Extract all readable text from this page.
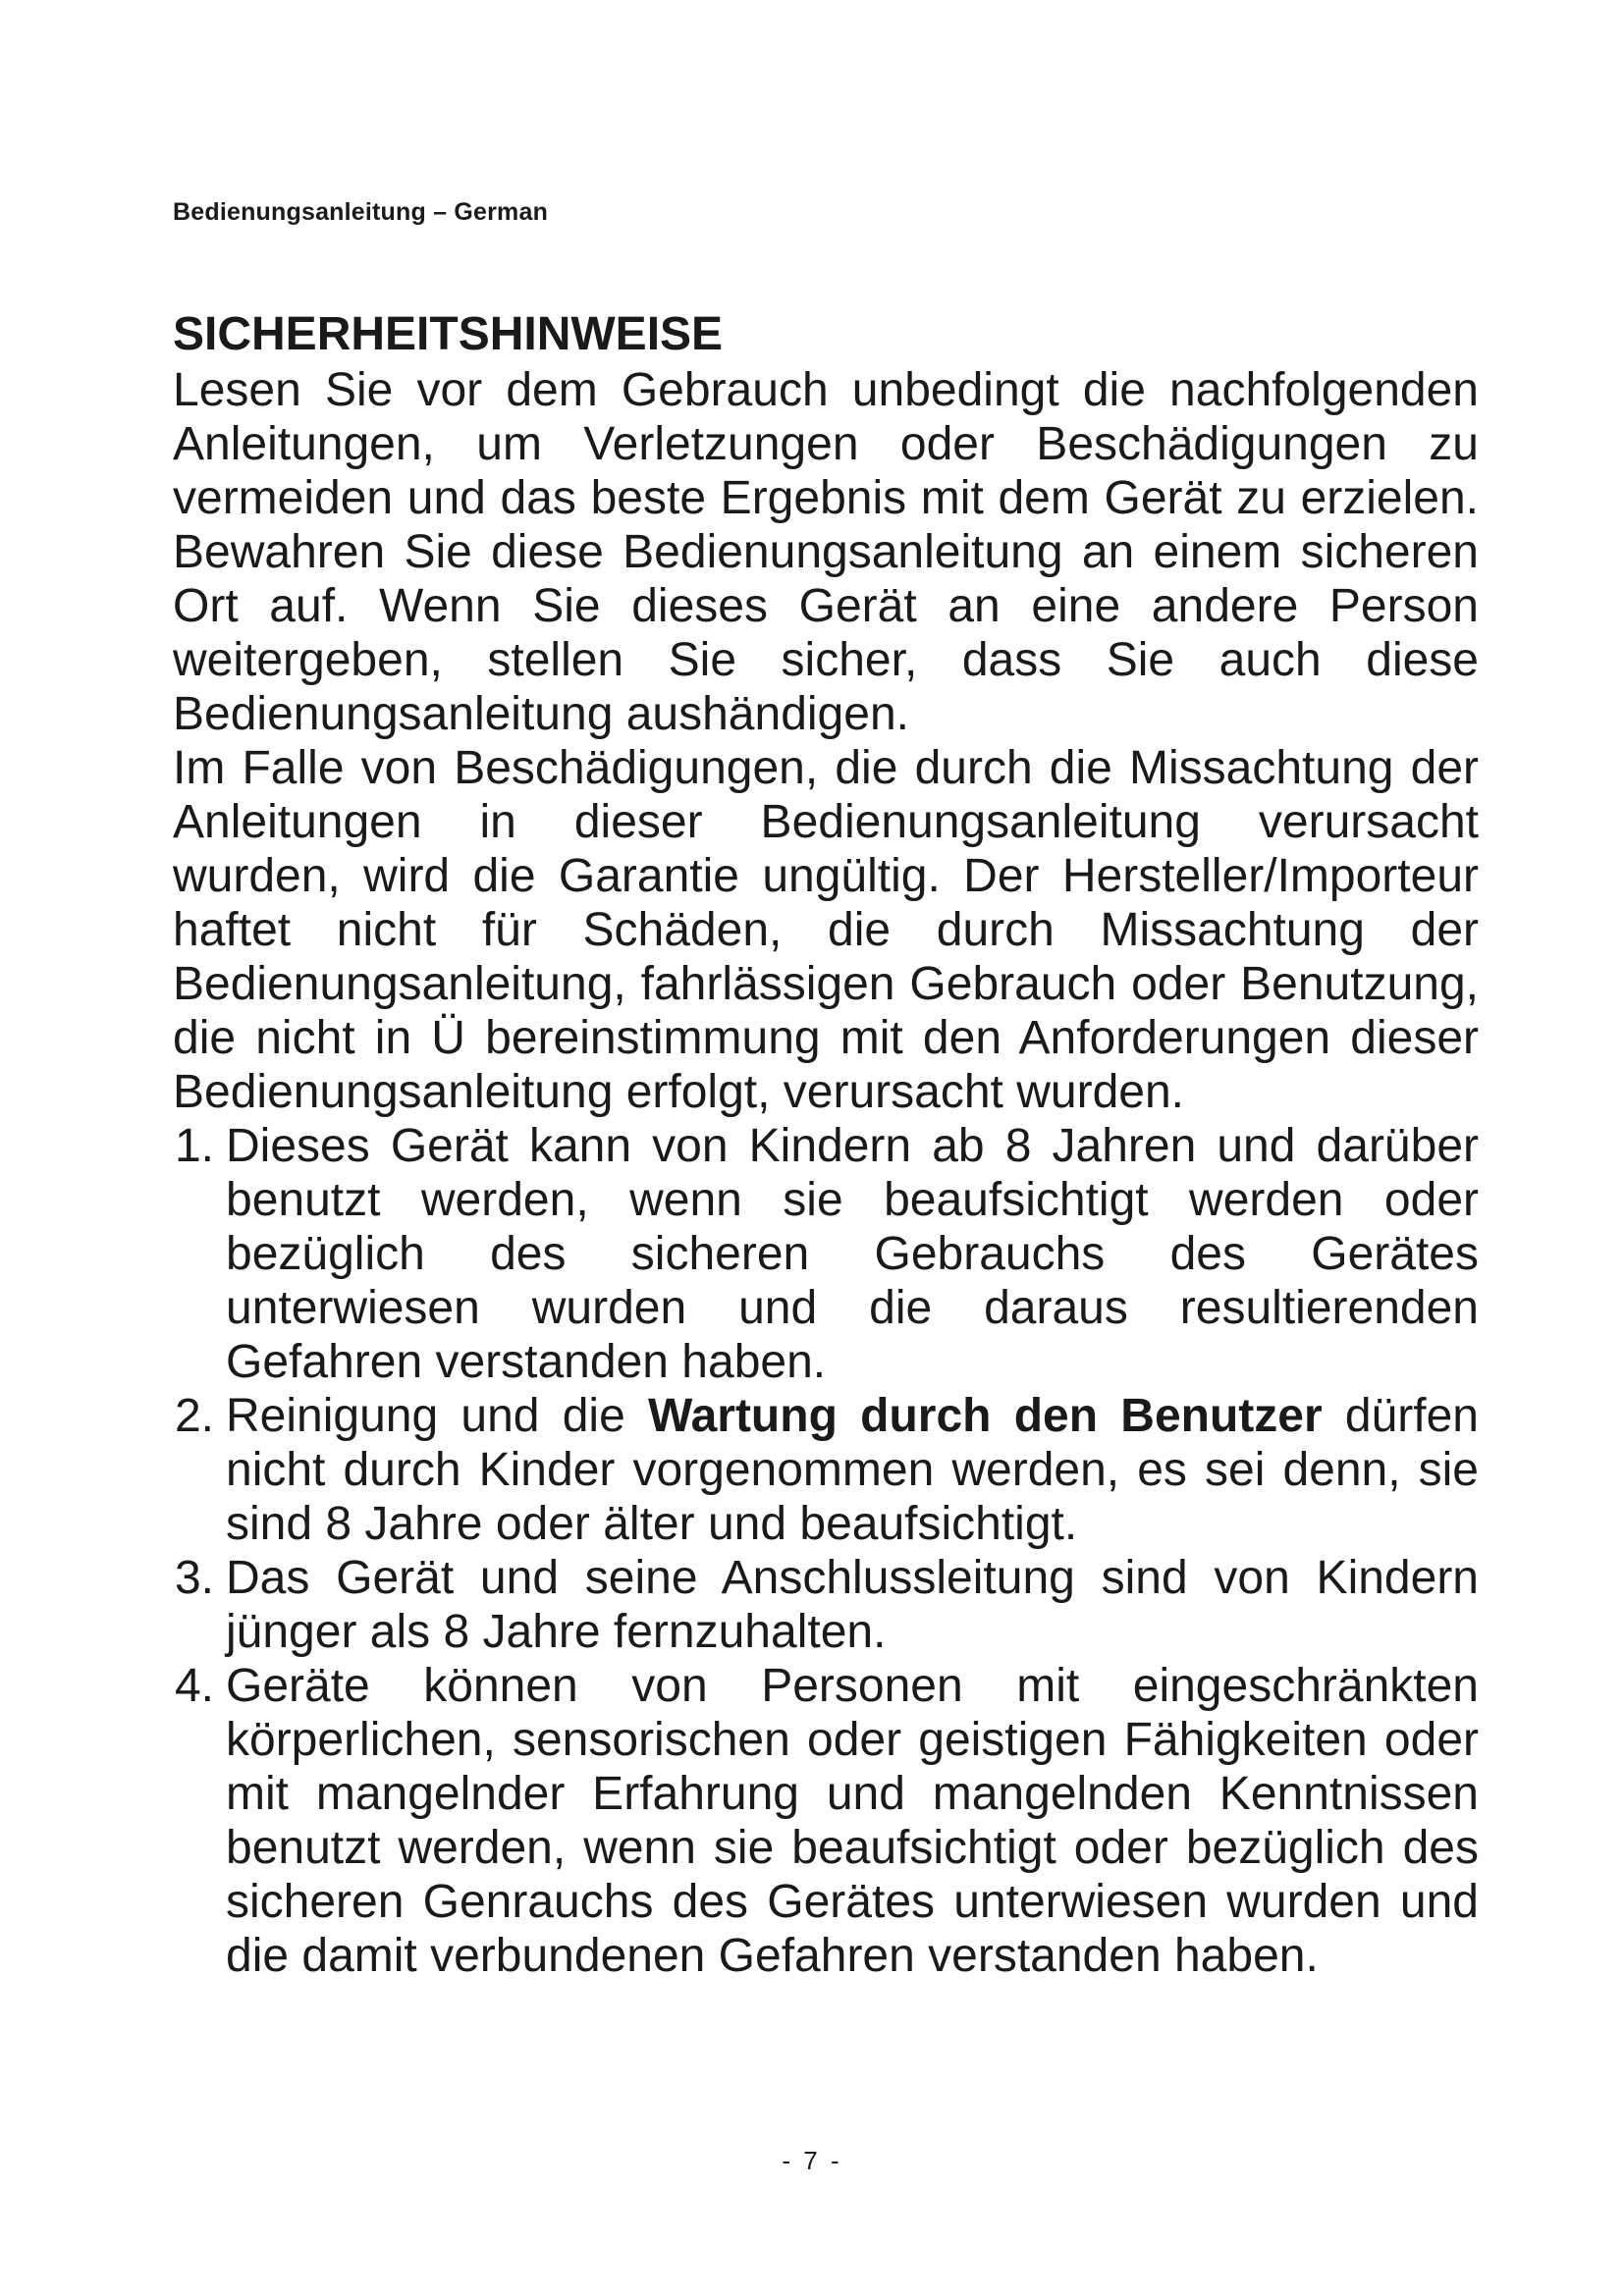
Bedienungsanleitung – German
SICHERHEITSHINWEISE

Lesen Sie vor dem Gebrauch unbedingt die nachfolgenden Anleitungen, um Verletzungen oder Beschädigungen zu vermeiden und das beste Ergebnis mit dem Gerät zu erzielen. Bewahren Sie diese Bedienungsanleitung an einem sicheren Ort auf. Wenn Sie dieses Gerät an eine andere Person weitergeben, stellen Sie sicher, dass Sie auch diese Bedienungsanleitung aushändigen.

Im Falle von Beschädigungen, die durch die Missachtung der Anleitungen in dieser Bedienungsanleitung verursacht wurden, wird die Garantie ungültig. Der Hersteller/Importeur haftet nicht für Schäden, die durch Missachtung der Bedienungsanleitung, fahrlässigen Gebrauch oder Benutzung, die nicht in Ü bereinstimmung mit den Anforderungen dieser Bedienungsanleitung erfolgt, verursacht wurden.

1. Dieses Gerät kann von Kindern ab 8 Jahren und darüber benutzt werden, wenn sie beaufsichtigt werden oder bezüglich des sicheren Gebrauchs des Gerätes unterwiesen wurden und die daraus resultierenden Gefahren verstanden haben.
2. Reinigung und die Wartung durch den Benutzer dürfen nicht durch Kinder vorgenommen werden, es sei denn, sie sind 8 Jahre oder älter und beaufsichtigt.
3. Das Gerät und seine Anschlussleitung sind von Kindern jünger als 8 Jahre fernzuhalten.
4. Geräte können von Personen mit eingeschränkten körperlichen, sensorischen oder geistigen Fähigkeiten oder mit mangelnder Erfahrung und mangelnden Kenntnissen benutzt werden, wenn sie beaufsichtigt oder bezüglich des sicheren Genrauchs des Gerätes unterwiesen wurden und die damit verbundenen Gefahren verstanden haben.
- 7 -
